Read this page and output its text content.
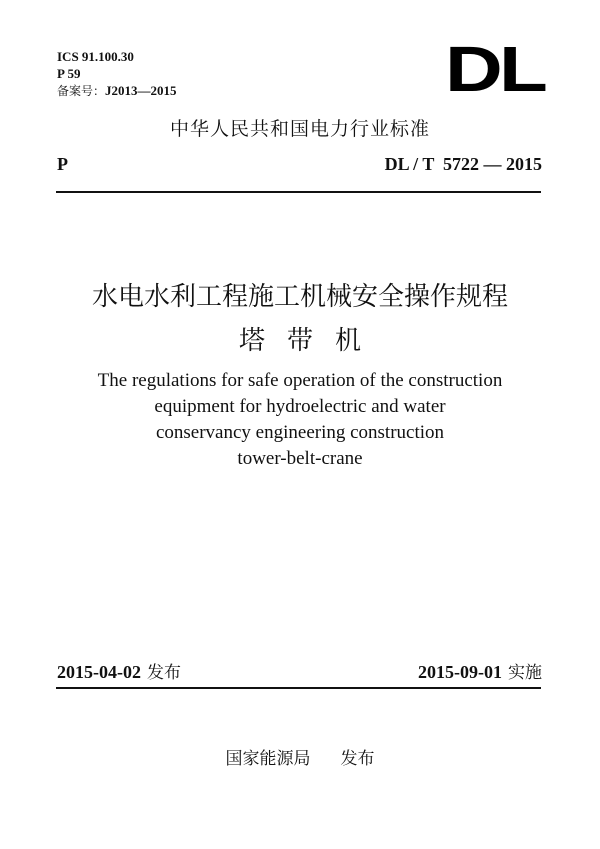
ICS 91.100.30
P 59
备案号：J2013—2015	DL
中华人民共和国电力行业标准
P	DL / T  5722 — 2015
水电水利工程施工机械安全操作规程
塔带机
The regulations for safe operation of the construction
equipment for hydroelectric and water
conservancy engineering construction
tower-belt-crane
2015-04-02 发布	2015-09-01 实施
国家能源局 发布
